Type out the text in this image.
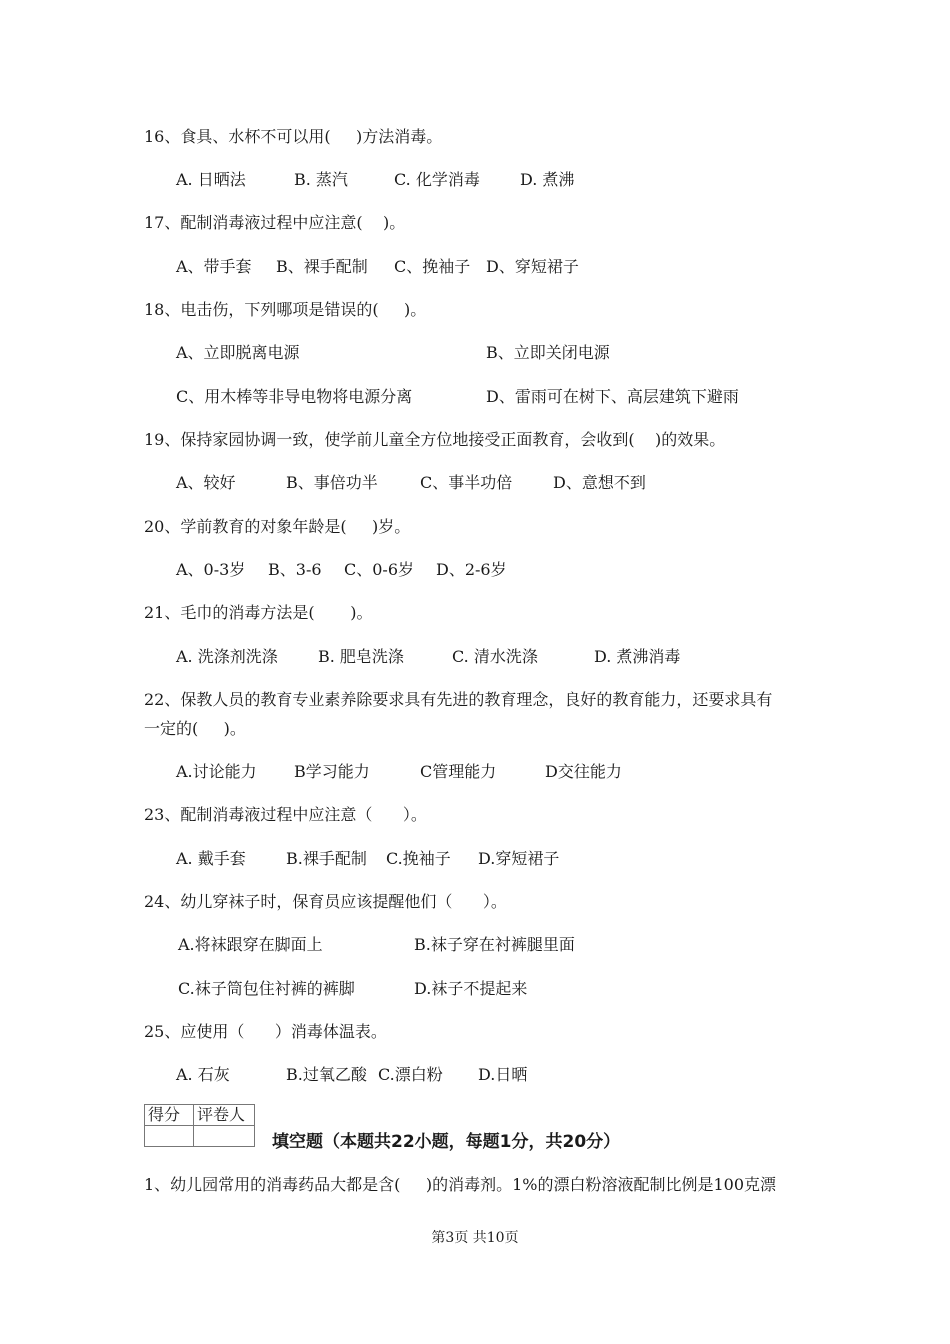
16、食具、水杯不可以用(     )方法消毒。
A. 日晒法	B. 蒸汽	C. 化学消毒	D. 煮沸
17、配制消毒液过程中应注意(    )。
A、带手套 B、裸手配制 C、挽袖子 D、穿短裙子
18、电击伤，下列哪项是错误的(     )。
A、立即脱离电源	B、立即关闭电源
C、用木棒等非导电物将电源分离	D、雷雨可在树下、高层建筑下避雨
19、保持家园协调一致，使学前儿童全方位地接受正面教育，会收到(    )的效果。
A、较好	B、事倍功半	C、事半功倍	D、意想不到
20、学前教育的对象年龄是(     )岁。
A、0-3岁 B、3-6 C、0-6岁 D、2-6岁
21、毛巾的消毒方法是(       )。
A. 洗涤剂洗涤	B. 肥皂洗涤	C. 清水洗涤	D. 煮沸消毒
22、保教人员的教育专业素养除要求具有先进的教育理念，良好的教育能力，还要求具有
一定的(     )。
A.讨论能力 B学习能力	C管理能力	D交往能力
23、配制消毒液过程中应注意（      ）。
A. 戴手套	B.裸手配制 C.挽袖子 D.穿短裙子
24、幼儿穿袜子时，保育员应该提醒他们（      ）。
A.将袜跟穿在脚面上	B.袜子穿在衬裤腿里面
C.袜子筒包住衬裤的裤脚	D.袜子不提起来
25、应使用（      ）消毒体温表。
A. 石灰	B.过氧乙酸 C.漂白粉 D.日晒
得分	评卷人

填空题（本题共22小题，每题1分，共20分）
1、幼儿园常用的消毒药品大都是含(     )的消毒剂。1%的漂白粉溶液配制比例是100克漂
第3页 共10页
